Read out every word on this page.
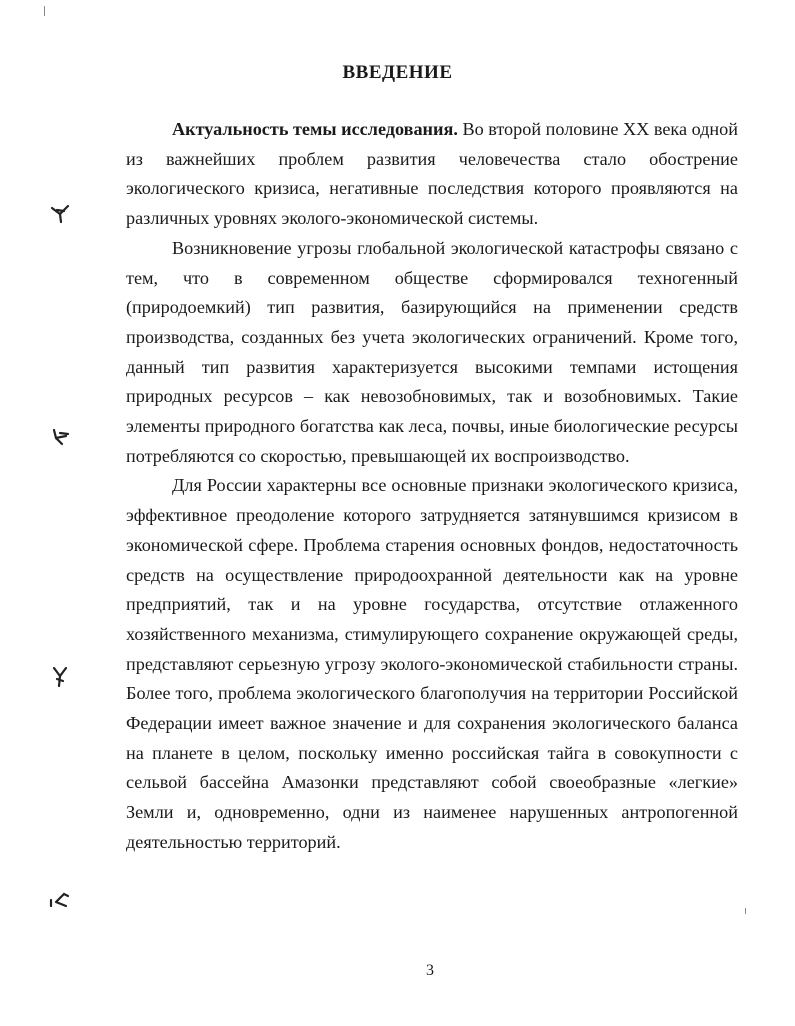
ВВЕДЕНИЕ

Актуальность темы исследования. Во второй половине XX века одной из важнейших проблем развития человечества стало обострение экологического кризиса, негативные последствия которого проявляются на различных уровнях эколого-экономической системы.

Возникновение угрозы глобальной экологической катастрофы связано с тем, что в современном обществе сформировался техногенный (природоемкий) тип развития, базирующийся на применении средств производства, созданных без учета экологических ограничений. Кроме того, данный тип развития характеризуется высокими темпами истощения природных ресурсов – как невозобновимых, так и возобновимых. Такие элементы природного богатства как леса, почвы, иные биологические ресурсы потребляются со скоростью, превышающей их воспроизводство.

Для России характерны все основные признаки экологического кризиса, эффективное преодоление которого затрудняется затянувшимся кризисом в экономической сфере. Проблема старения основных фондов, недостаточность средств на осуществление природоохранной деятельности как на уровне предприятий, так и на уровне государства, отсутствие отлаженного хозяйственного механизма, стимулирующего сохранение окружающей среды, представляют серьезную угрозу эколого-экономической стабильности страны. Более того, проблема экологического благополучия на территории Российской Федерации имеет важное значение и для сохранения экологического баланса на планете в целом, поскольку именно российская тайга в совокупности с сельвой бассейна Амазонки представляют собой своеобразные «легкие» Земли и, одновременно, одни из наименее нарушенных антропогенной деятельностью территорий.

3
